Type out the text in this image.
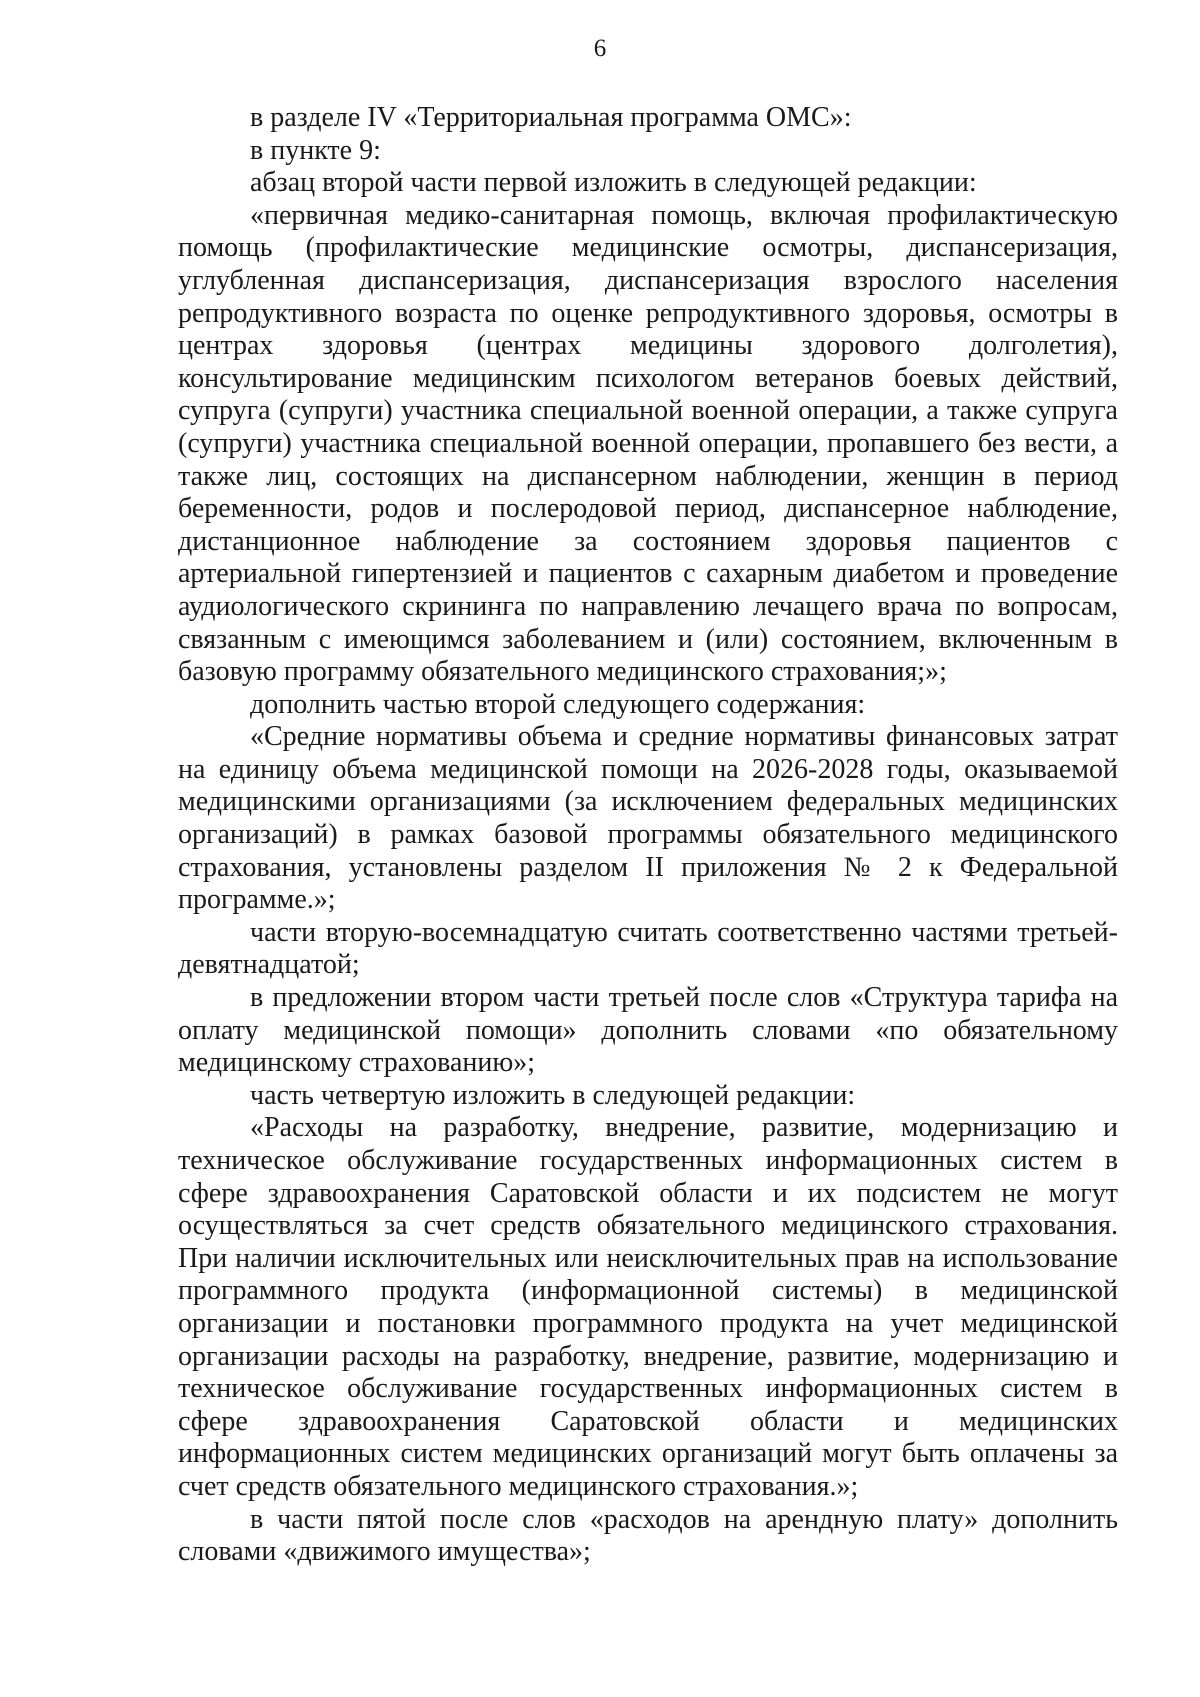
6

в разделе IV «Территориальная программа ОМС»:

в пункте 9:

абзац второй части первой изложить в следующей редакции:

«первичная медико-санитарная помощь, включая профилактическую помощь (профилактические медицинские осмотры, диспансеризация, углубленная диспансеризация, диспансеризация взрослого населения репродуктивного возраста по оценке репродуктивного здоровья, осмотры в центрах здоровья (центрах медицины здорового долголетия), консультирование медицинским психологом ветеранов боевых действий, супруга (супруги) участника специальной военной операции, а также супруга (супруги) участника специальной военной операции, пропавшего без вести, а также лиц, состоящих на диспансерном наблюдении, женщин в период беременности, родов и послеродовой период, диспансерное наблюдение, дистанционное наблюдение за состоянием здоровья пациентов с артериальной гипертензией и пациентов с сахарным диабетом и проведение аудиологического скрининга по направлению лечащего врача по вопросам, связанным с имеющимся заболеванием и (или) состоянием, включенным в базовую программу обязательного медицинского страхования;»;

дополнить частью второй следующего содержания:

«Средние нормативы объема и средние нормативы финансовых затрат на единицу объема медицинской помощи на 2026-2028 годы, оказываемой медицинскими организациями (за исключением федеральных медицинских организаций) в рамках базовой программы обязательного медицинского страхования, установлены разделом II приложения № 2 к Федеральной программе.»;

части вторую-восемнадцатую считать соответственно частями третьей-девятнадцатой;

в предложении втором части третьей после слов «Структура тарифа на оплату медицинской помощи» дополнить словами «по обязательному медицинскому страхованию»;

часть четвертую изложить в следующей редакции:

«Расходы на разработку, внедрение, развитие, модернизацию и техническое обслуживание государственных информационных систем в сфере здравоохранения Саратовской области и их подсистем не могут осуществляться за счет средств обязательного медицинского страхования. При наличии исключительных или неисключительных прав на использование программного продукта (информационной системы) в медицинской организации и постановки программного продукта на учет медицинской организации расходы на разработку, внедрение, развитие, модернизацию и техническое обслуживание государственных информационных систем в сфере здравоохранения Саратовской области и медицинских информационных систем медицинских организаций могут быть оплачены за счет средств обязательного медицинского страхования.»;

в части пятой после слов «расходов на арендную плату» дополнить словами «движимого имущества»;
